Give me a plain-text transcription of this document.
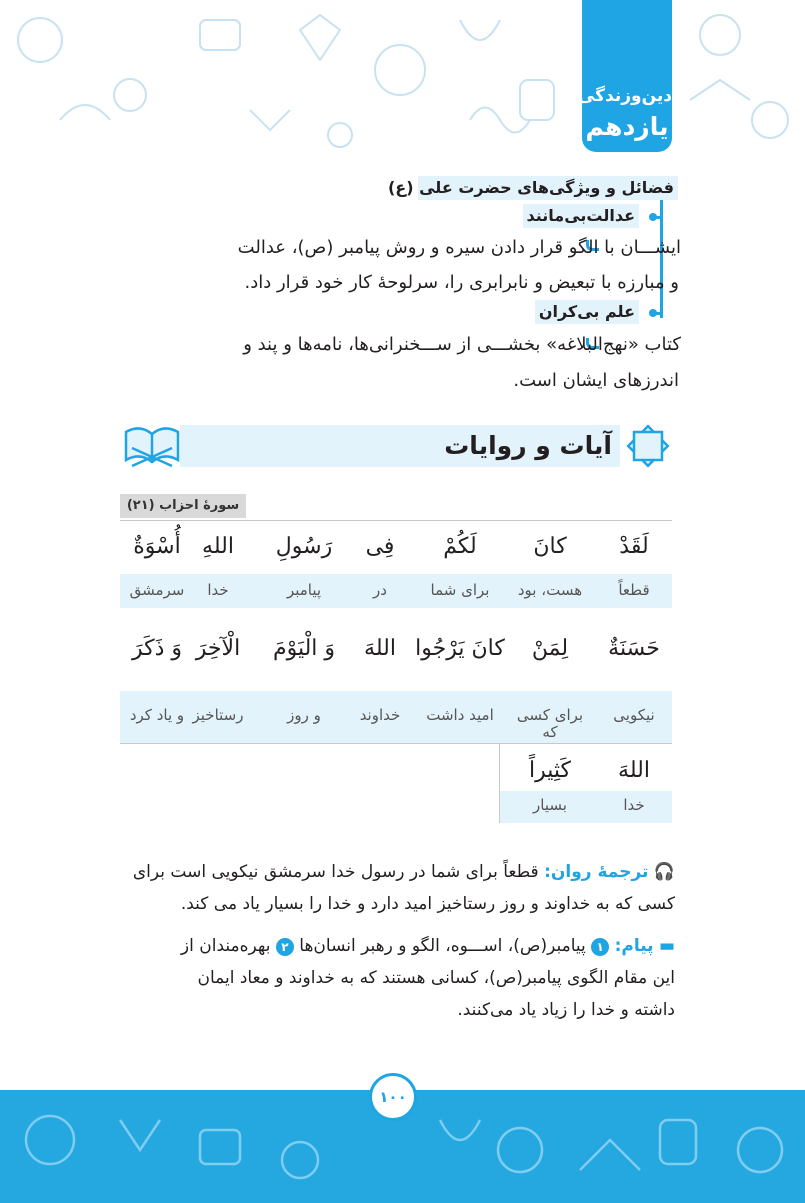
دین‌وزندگی
یازدهم
فضائل و ویژگی‌های حضرت علی (ع)
عدالت‌بی‌مانند
ایشـــان با الگو قرار دادن سیره و روش پیامبر (ص)، عدالت
و مبارزه با تبعیض و نابرابری را، سرلوحهٔ کار خود قرار داد.
علم بی‌کران
کتاب «نهج‌البلاغه» بخشـــی از ســـخنرانی‌ها، نامه‌ها و پند و
اندرزهای ایشان است.
آیات و روایات
سورهٔ احزاب (۲۱)
لَقَدْ
كانَ
لَكُمْ
فِی
رَسُولِ
اللهِ
أُسْوَةٌ
قطعاً
هست، بود
برای شما
در
پیامبر
خدا
سرمشق
حَسَنَةٌ
لِمَنْ
كانَ يَرْجُوا
اللهَ
وَ الْيَوْمَ
الْآخِرَ
وَ ذَكَرَ
نیکویی
برای کسی که
امید داشت
خداوند
و روز
رستاخیز
و یاد کرد
اللهَ
كَثِيراً
خدا
بسیار
🎧 ترجمهٔ روان: قطعاً برای شما در رسول خدا سرمشق نیکویی است برای
کسی که به خداوند و روز رستاخیز امید دارد و خدا را بسیار یاد می کند.
▬ پیام: ۱ پیامبر(ص)، اســـوه، الگو و رهبر انسان‌ها ۲ بهره‌مندان از
این مقام الگوی پیامبر(ص)، کسانی هستند که به خداوند و معاد ایمان
داشته و خدا را زیاد یاد می‌کنند.
۱۰۰
